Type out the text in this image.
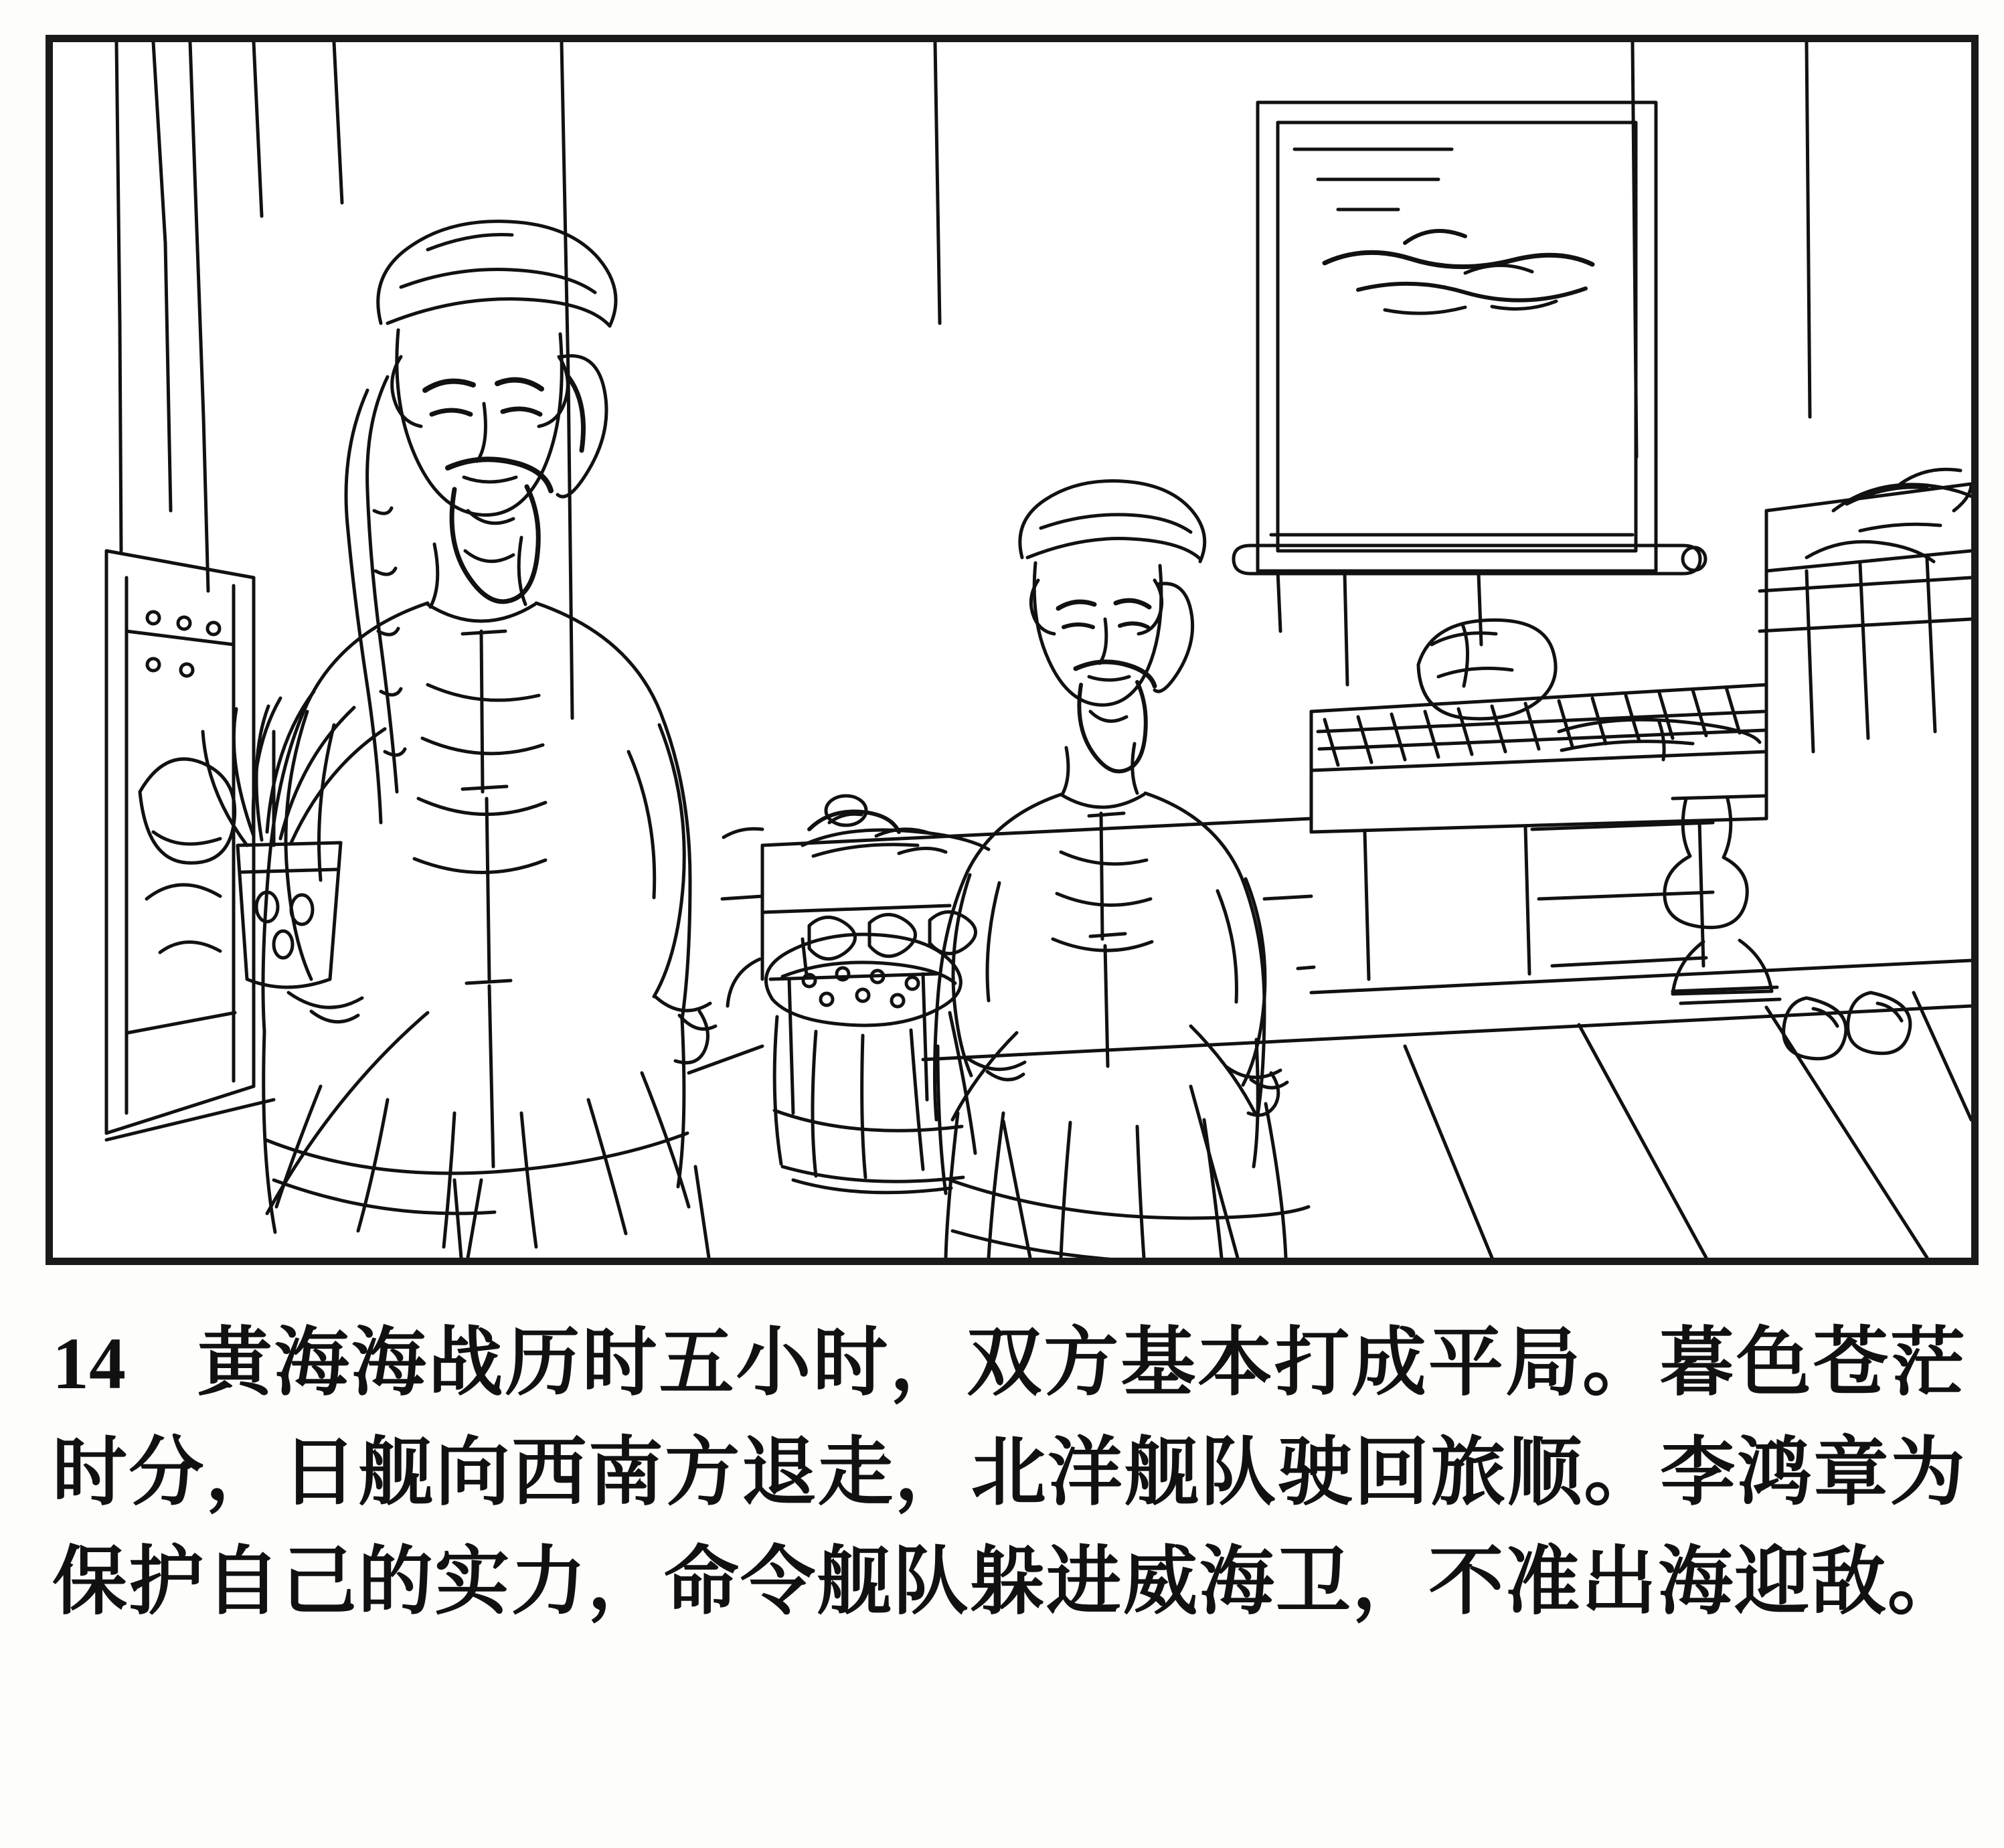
14 黄海海战历时五小时，双方基本打成平局。暮色苍茫时分，日舰向西南方退走，北洋舰队驶回旅顺。李鸿章为保护自己的实力，命令舰队躲进威海卫，不准出海迎敌。
